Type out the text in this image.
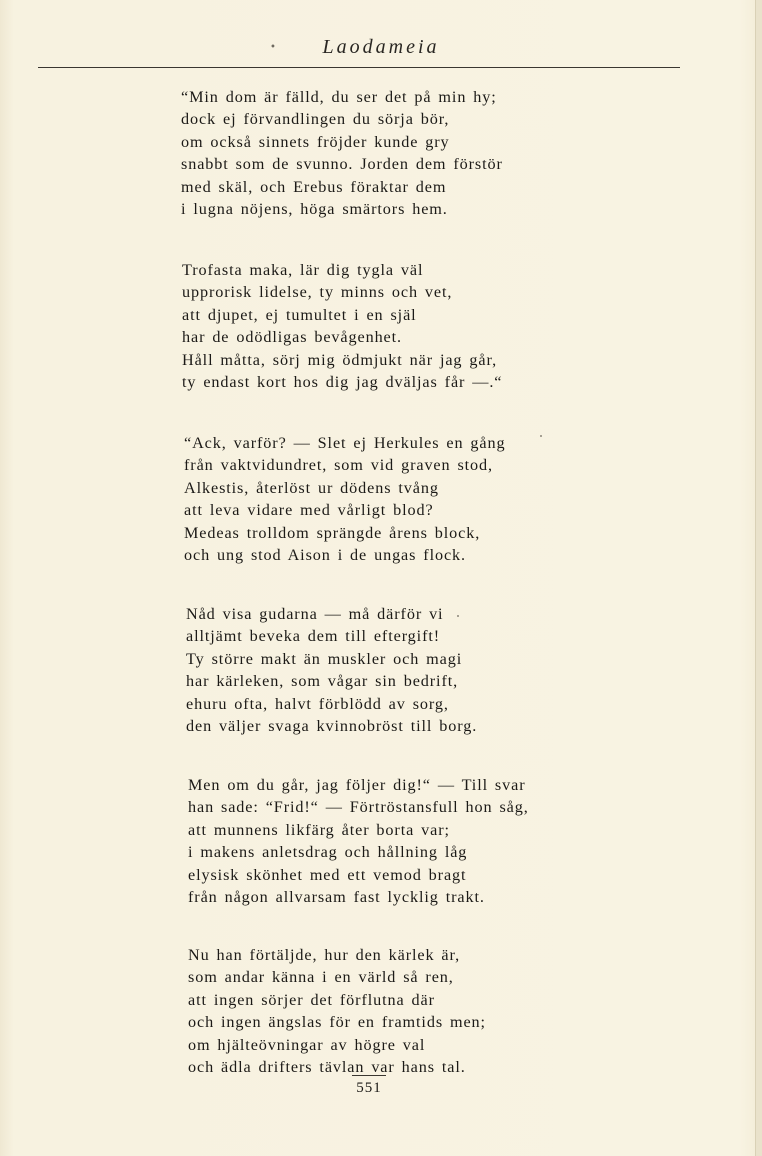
• Laodameia

“Min dom är fälld, du ser det på min hy;
dock ej förvandlingen du sörja bör,
om också sinnets fröjder kunde gry
snabbt som de svunno. Jorden dem förstör
med skäl, och Erebus föraktar dem
i lugna nöjens, höga smärtors hem.

Trofasta maka, lär dig tygla väl
upprorisk lidelse, ty minns och vet,
att djupet, ej tumultet i en själ
har de odödligas bevågenhet.
Håll måtta, sörj mig ödmjukt när jag går,
ty endast kort hos dig jag dväljas får —.“

“Ack, varför? — Slet ej Herkules en gång
från vaktvidundret, som vid graven stod,
Alkestis, återlöst ur dödens tvång
att leva vidare med vårligt blod?
Medeas trolldom sprängde årens block,
och ung stod Aison i de ungas flock.

Nåd visa gudarna — må därför vi
alltjämt beveka dem till eftergift!
Ty större makt än muskler och magi
har kärleken, som vågar sin bedrift,
ehuru ofta, halvt förblödd av sorg,
den väljer svaga kvinnobröst till borg.

Men om du går, jag följer dig!“ — Till svar
han sade: “Frid!“ — Förtröstansfull hon såg,
att munnens likfärg åter borta var;
i makens anletsdrag och hållning låg
elysisk skönhet med ett vemod bragt
från någon allvarsam fast lycklig trakt.

Nu han förtäljde, hur den kärlek är,
som andar känna i en värld så ren,
att ingen sörjer det förflutna där
och ingen ängslas för en framtids men;
om hjälteövningar av högre val
och ädla drifters tävlan var hans tal.

551
